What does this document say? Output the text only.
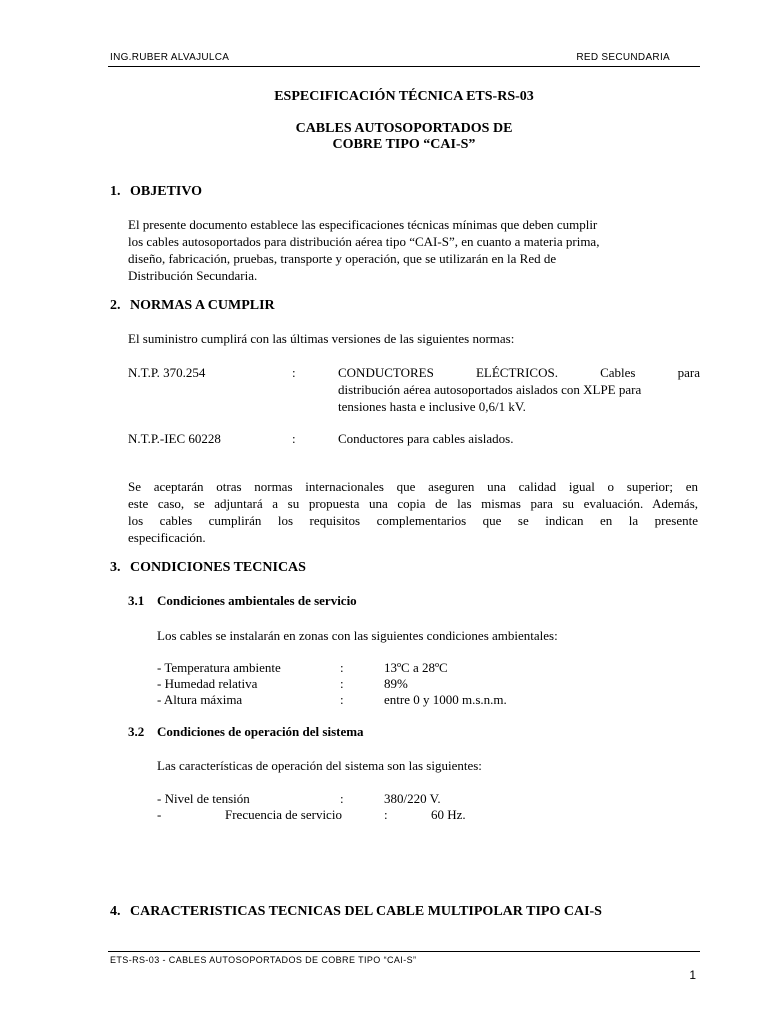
ING.RUBER ALVAJULCA	RED SECUNDARIA
ESPECIFICACIÓN TÉCNICA ETS-RS-03
CABLES AUTOSOPORTADOS DE
COBRE TIPO “CAI-S”
1. OBJETIVO
El presente documento establece las especificaciones técnicas mínimas que deben cumplir
los cables autosoportados para distribución aérea tipo “CAI-S”, en cuanto a materia prima,
diseño, fabricación, pruebas, transporte y operación, que se utilizarán en la Red de
Distribución Secundaria.
2. NORMAS A CUMPLIR
El suministro cumplirá con las últimas versiones de las siguientes normas:
N.T.P. 370.254	:	CONDUCTORES ELÉCTRICOS. Cables para
distribución aérea autosoportados aislados con XLPE para
tensiones hasta e inclusive 0,6/1 kV.
N.T.P.-IEC 60228	:	Conductores para cables aislados.
Se aceptarán otras normas internacionales que aseguren una calidad igual o superior; en
este caso, se adjuntará a su propuesta una copia de las mismas para su evaluación. Además,
los cables cumplirán los requisitos complementarios que se indican en la presente
especificación.
3. CONDICIONES TECNICAS
3.1 Condiciones ambientales de servicio
Los cables se instalarán en zonas con las siguientes condiciones ambientales:
- Temperatura ambiente	:	13ºC a 28ºC
- Humedad relativa	:	89%
- Altura máxima	:	entre 0 y 1000 m.s.n.m.
3.2 Condiciones de operación del sistema
Las características de operación del sistema son las siguientes:
- Nivel de tensión	:	380/220 V.
-	Frecuencia de servicio	:	60 Hz.
4. CARACTERISTICAS TECNICAS DEL CABLE MULTIPOLAR TIPO CAI-S
ETS-RS-03 - CABLES AUTOSOPORTADOS DE COBRE TIPO “CAI-S”
1
